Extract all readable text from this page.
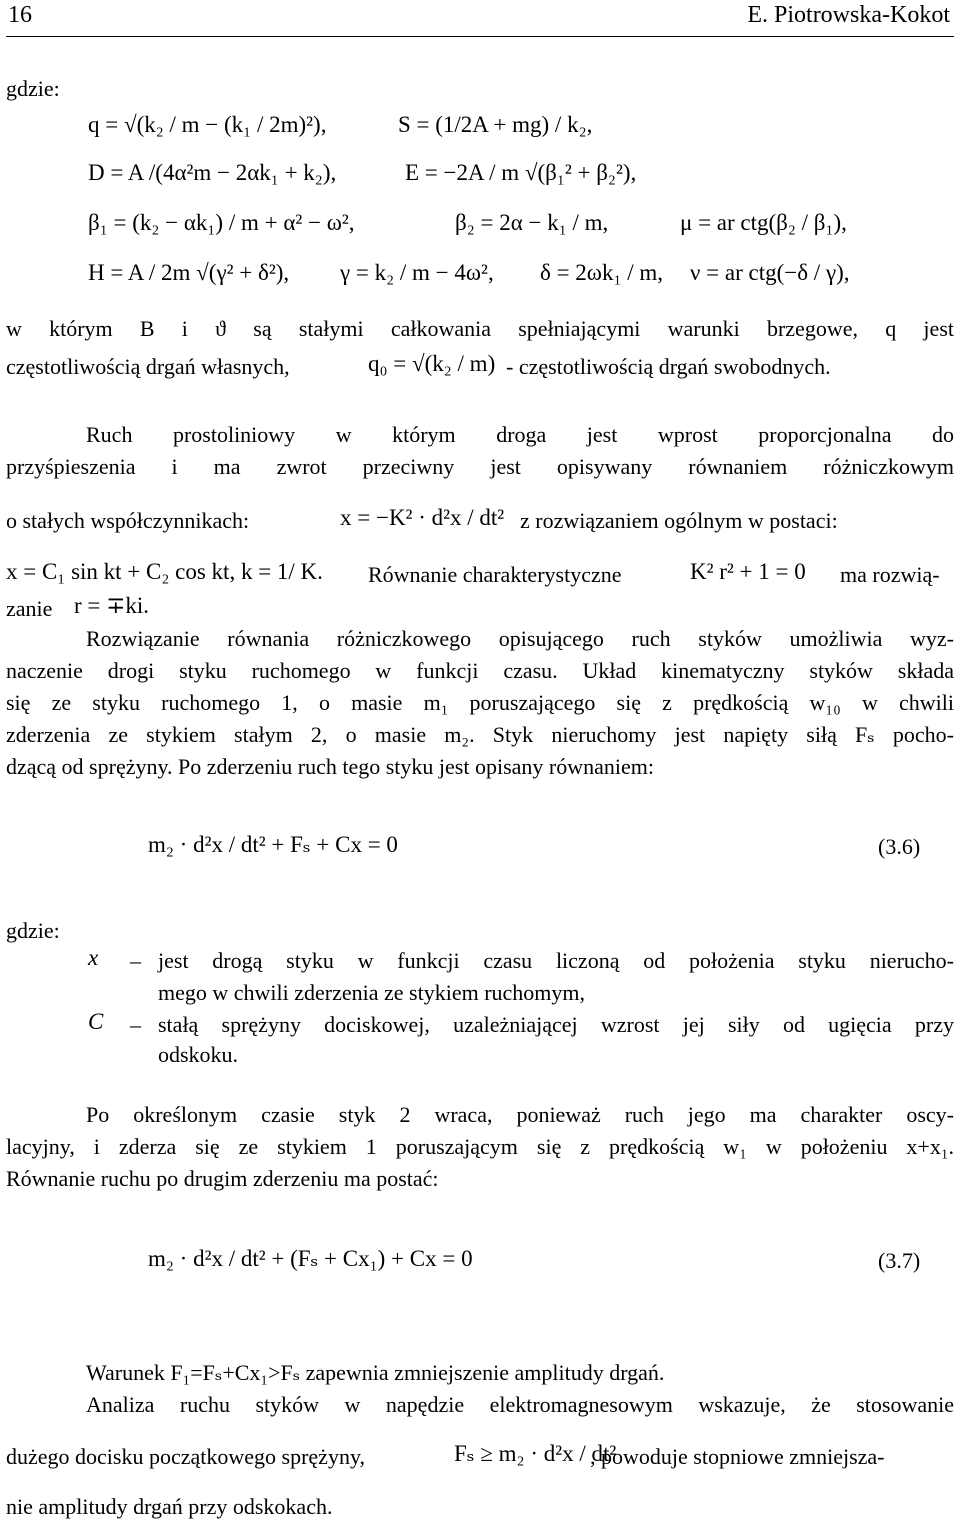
16	E. Piotrowska-Kokot
gdzie:
q = √(k₂ / m − (k₁ / 2m)²),	S = (1/2A + mg) / k₂,
D = A /(4α²m − 2αk₁ + k₂),	E = −2A / m √(β₁² + β₂²),
β₁ = (k₂ − αk₁) / m + α² − ω²,	β₂ = 2α − k₁ / m,	μ = ar ctg(β₂ / β₁),
H = A / 2m √(γ² + δ²), γ = k₂ / m − 4ω², δ = 2ωk₁ / m, ν = ar ctg(−δ / γ),
w którym B i ϑ są stałymi całkowania spełniającymi warunki brzegowe, q jest
częstotliwością drgań własnych,	q₀ = √(k₂ / m) - częstotliwością drgań swobodnych.
Ruch prostoliniowy w którym droga jest wprost proporcjonalna do
przyśpieszenia i ma zwrot przeciwny jest opisywany równaniem różniczkowym
o stałych współczynnikach:	x = −K² · d²x / dt² z rozwiązaniem ogólnym w postaci:
x = C₁ sin kt + C₂ cos kt, k = 1/ K. Równanie charakterystyczne	K² r² + 1 = 0 ma rozwią-
zanie r = ∓ki.
Rozwiązanie równania różniczkowego opisującego ruch styków umożliwia wyz-
naczenie drogi styku ruchomego w funkcji czasu. Układ kinematyczny styków składa
się ze styku ruchomego 1, o masie m₁ poruszającego się z prędkością w₁₀ w chwili
zderzenia ze stykiem stałym 2, o masie m₂. Styk nieruchomy jest napięty siłą Fₛ pocho-
dzącą od sprężyny. Po zderzeniu ruch tego styku jest opisany równaniem:
m₂ · d²x / dt² + Fₛ + Cx = 0	(3.6)
gdzie:
x – jest drogą styku w funkcji czasu liczoną od położenia styku nierucho-
mego w chwili zderzenia ze stykiem ruchomym,
C – stałą sprężyny dociskowej, uzależniającej wzrost jej siły od ugięcia przy
odskoku.
Po określonym czasie styk 2 wraca, ponieważ ruch jego ma charakter oscy-
lacyjny, i zderza się ze stykiem 1 poruszającym się z prędkością w₁ w położeniu x+x₁.
Równanie ruchu po drugim zderzeniu ma postać:
m₂ · d²x / dt² + (Fₛ + Cx₁) + Cx = 0	(3.7)
Warunek F₁=Fₛ+Cx₁>Fₛ zapewnia zmniejszenie amplitudy drgań.
Analiza ruchu styków w napędzie elektromagnesowym wskazuje, że stosowanie
dużego docisku początkowego sprężyny,	Fₛ ≥ m₂ · d²x / dt²
, powoduje stopniowe zmniejsza-
nie amplitudy drgań przy odskokach.
